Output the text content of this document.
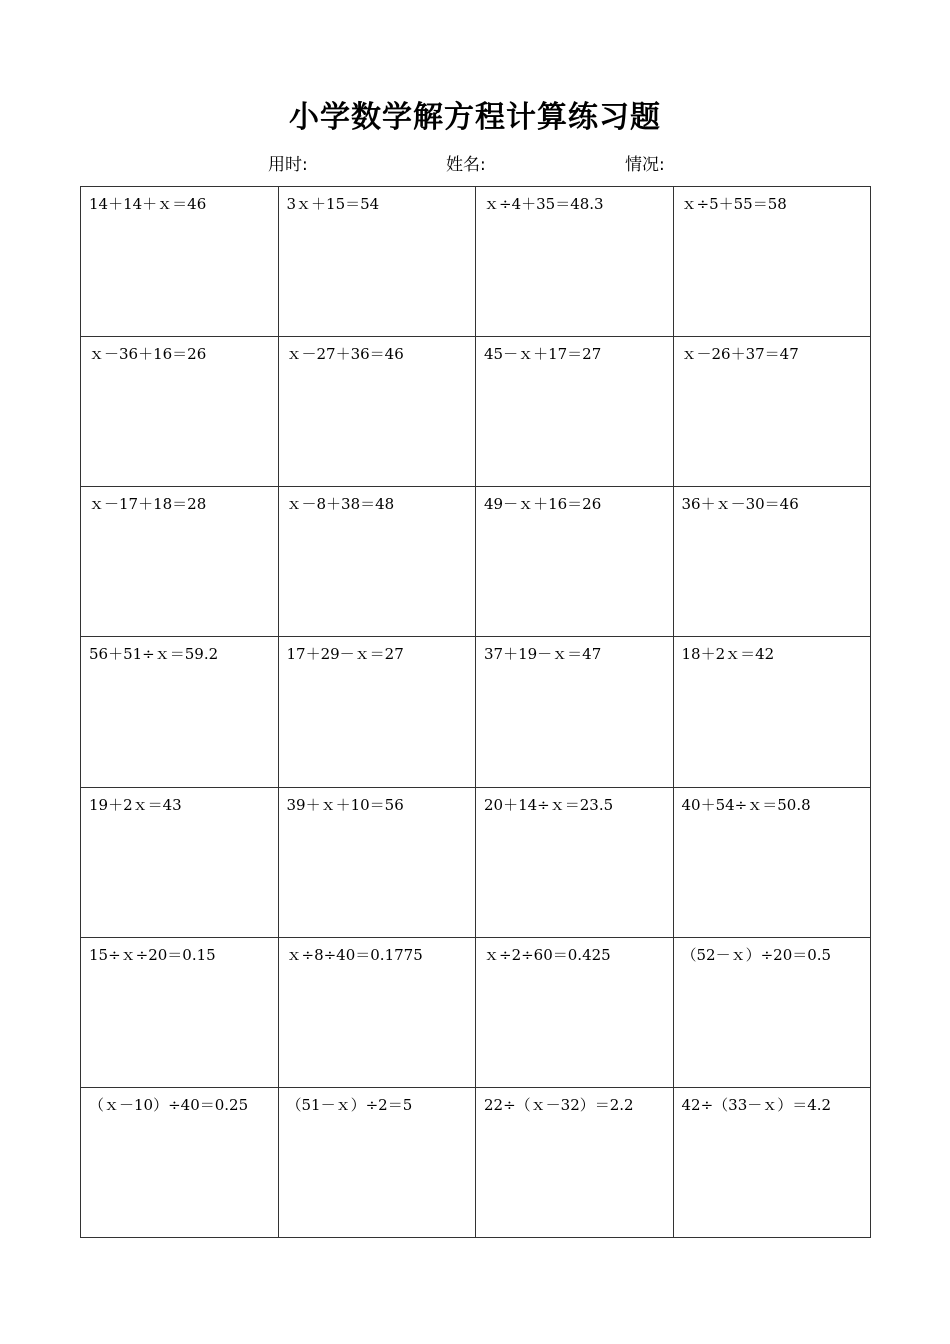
小学数学解方程计算练习题
用时:	姓名:	情况:
14＋14＋ｘ＝46	3ｘ＋15＝54	ｘ÷4＋35＝48.3	ｘ÷5＋55＝58
ｘ－36＋16＝26	ｘ－27＋36＝46	45－ｘ＋17＝27	ｘ－26＋37＝47
ｘ－17＋18＝28	ｘ－8＋38＝48	49－ｘ＋16＝26	36＋ｘ－30＝46
56＋51÷ｘ＝59.2	17＋29－ｘ＝27	37＋19－ｘ＝47	18＋2ｘ＝42
19＋2ｘ＝43	39＋ｘ＋10＝56	20＋14÷ｘ＝23.5	40＋54÷ｘ＝50.8
15÷ｘ÷20＝0.15	ｘ÷8÷40＝0.1775	ｘ÷2÷60＝0.425	（52－ｘ）÷20＝0.5
（ｘ－10）÷40＝0.25	（51－ｘ）÷2＝5	22÷（ｘ－32）＝2.2	42÷（33－ｘ）＝4.2
